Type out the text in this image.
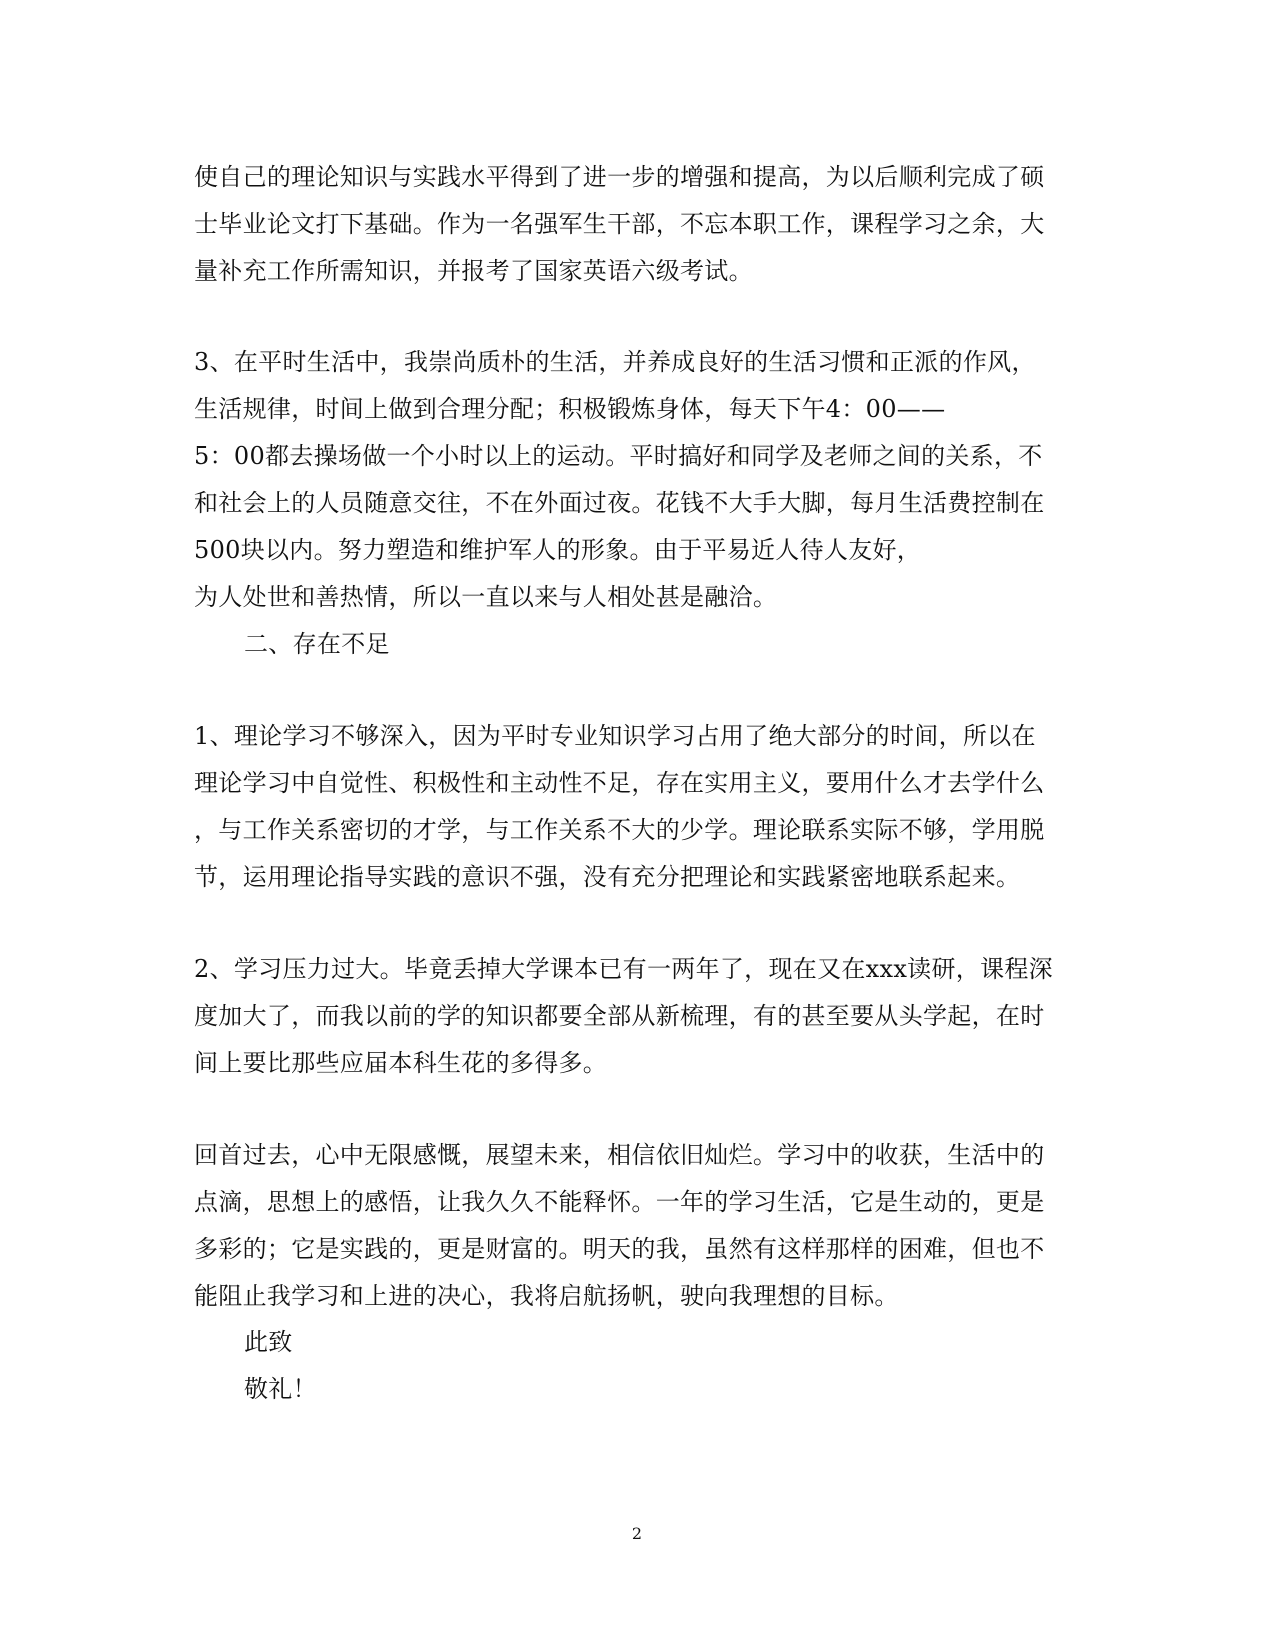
使自己的理论知识与实践水平得到了进一步的增强和提高，为以后顺利完成了硕
士毕业论文打下基础。作为一名强军生干部，不忘本职工作，课程学习之余，大
量补充工作所需知识，并报考了国家英语六级考试。
3、在平时生活中，我崇尚质朴的生活，并养成良好的生活习惯和正派的作风，
生活规律，时间上做到合理分配；积极锻炼身体，每天下午4：00——
5：00都去操场做一个小时以上的运动。平时搞好和同学及老师之间的关系，不
和社会上的人员随意交往，不在外面过夜。花钱不大手大脚，每月生活费控制在
500块以内。努力塑造和维护军人的形象。由于平易近人待人友好，
为人处世和善热情，所以一直以来与人相处甚是融洽。
二、存在不足
1、理论学习不够深入，因为平时专业知识学习占用了绝大部分的时间，所以在
理论学习中自觉性、积极性和主动性不足，存在实用主义，要用什么才去学什么
，与工作关系密切的才学，与工作关系不大的少学。理论联系实际不够，学用脱
节，运用理论指导实践的意识不强，没有充分把理论和实践紧密地联系起来。
2、学习压力过大。毕竟丢掉大学课本已有一两年了，现在又在xxx读研，课程深
度加大了，而我以前的学的知识都要全部从新梳理，有的甚至要从头学起，在时
间上要比那些应届本科生花的多得多。
回首过去，心中无限感慨，展望未来，相信依旧灿烂。学习中的收获，生活中的
点滴，思想上的感悟，让我久久不能释怀。一年的学习生活，它是生动的，更是
多彩的；它是实践的，更是财富的。明天的我，虽然有这样那样的困难，但也不
能阻止我学习和上进的决心，我将启航扬帆，驶向我理想的目标。
此致
敬礼！
2
